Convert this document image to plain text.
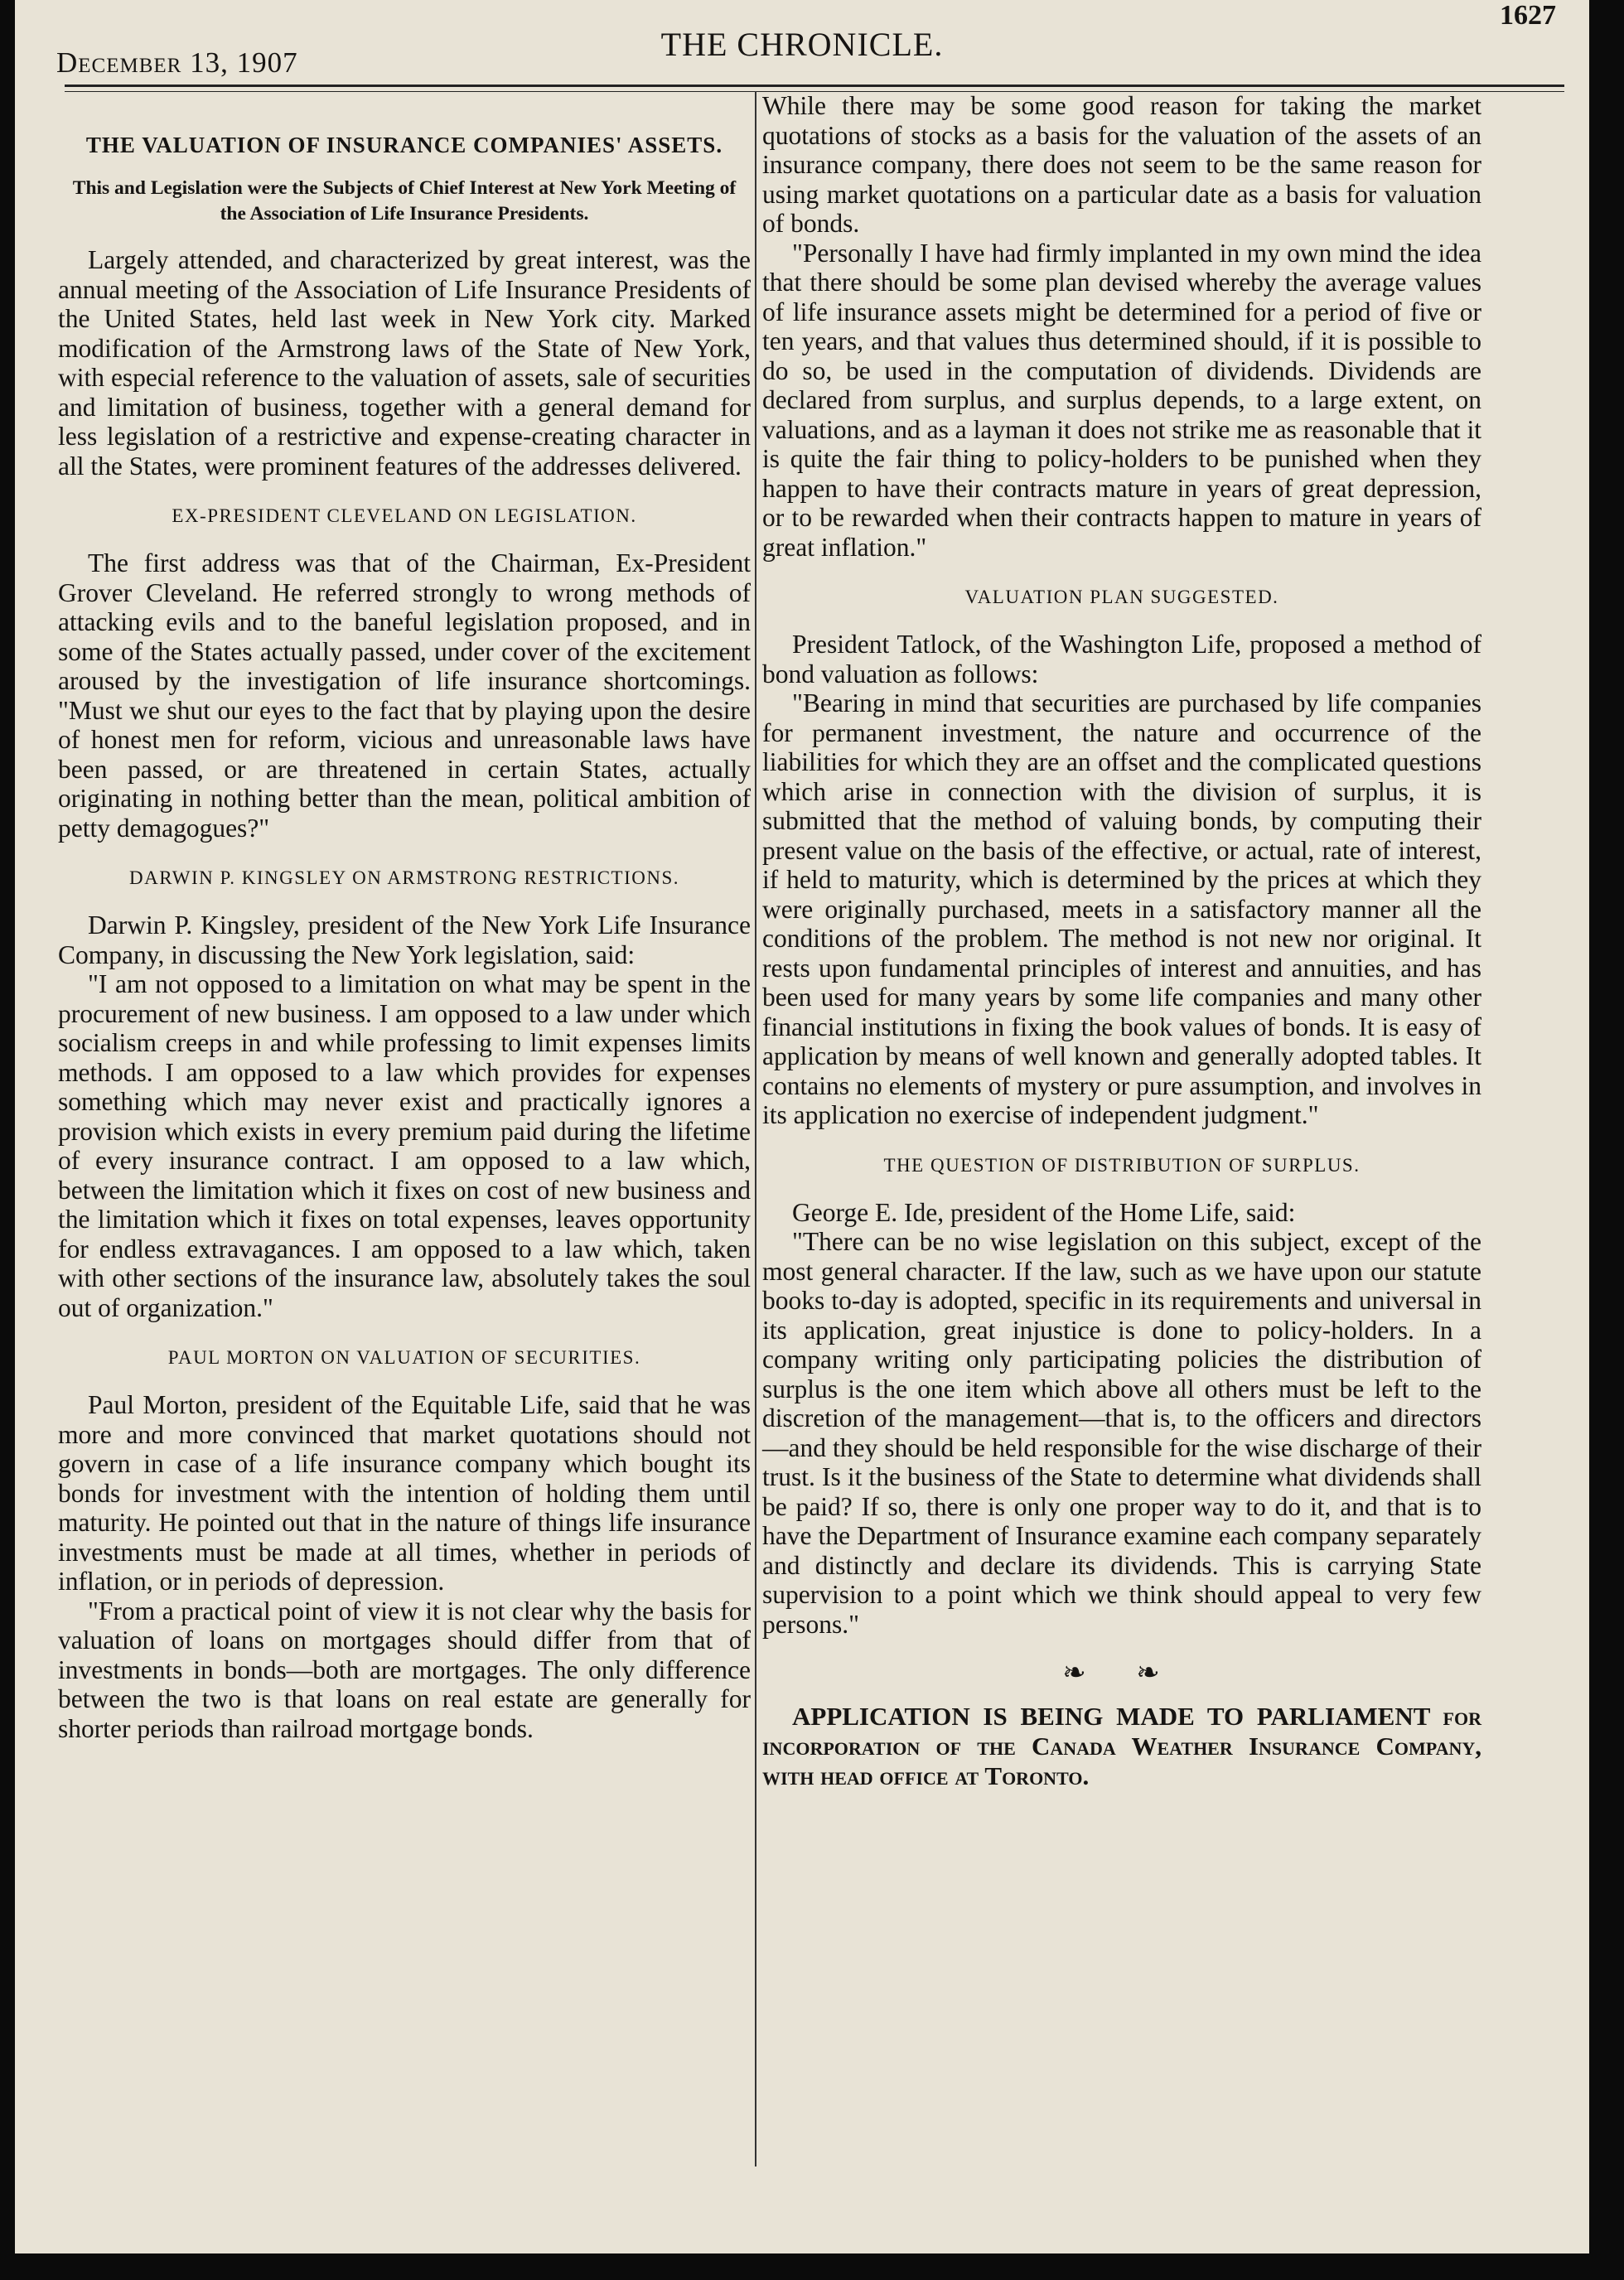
1627
THE CHRONICLE.
December 13, 1907
THE VALUATION OF INSURANCE COMPANIES' ASSETS.
This and Legislation were the Subjects of Chief Interest at New York Meeting of the Association of Life Insurance Presidents.

Largely attended, and characterized by great interest, was the annual meeting of the Association of Life Insurance Presidents of the United States, held last week in New York city. Marked modification of the Armstrong laws of the State of New York, with especial reference to the valuation of assets, sale of securities and limitation of business, together with a general demand for less legislation of a restrictive and expense-creating character in all the States, were prominent features of the addresses delivered.

EX-PRESIDENT CLEVELAND ON LEGISLATION.

The first address was that of the Chairman, Ex-President Grover Cleveland. He referred strongly to wrong methods of attacking evils and to the baneful legislation proposed, and in some of the States actually passed, under cover of the excitement aroused by the investigation of life insurance shortcomings. "Must we shut our eyes to the fact that by playing upon the desire of honest men for reform, vicious and unreasonable laws have been passed, or are threatened in certain States, actually originating in nothing better than the mean, political ambition of petty demagogues?"

DARWIN P. KINGSLEY ON ARMSTRONG RESTRICTIONS.

Darwin P. Kingsley, president of the New York Life Insurance Company, in discussing the New York legislation, said:

"I am not opposed to a limitation on what may be spent in the procurement of new business. I am opposed to a law under which socialism creeps in and while professing to limit expenses limits methods. I am opposed to a law which provides for expenses something which may never exist and practically ignores a provision which exists in every premium paid during the lifetime of every insurance contract. I am opposed to a law which, between the limitation which it fixes on cost of new business and the limitation which it fixes on total expenses, leaves opportunity for endless extravagances. I am opposed to a law which, taken with other sections of the insurance law, absolutely takes the soul out of organization."

PAUL MORTON ON VALUATION OF SECURITIES.

Paul Morton, president of the Equitable Life, said that he was more and more convinced that market quotations should not govern in case of a life insurance company which bought its bonds for investment with the intention of holding them until maturity. He pointed out that in the nature of things life insurance investments must be made at all times, whether in periods of inflation, or in periods of depression.

"From a practical point of view it is not clear why the basis for valuation of loans on mortgages should differ from that of investments in bonds—both are mortgages. The only difference between the two is that loans on real estate are generally for shorter periods than railroad mortgage bonds.

While there may be some good reason for taking the market quotations of stocks as a basis for the valuation of the assets of an insurance company, there does not seem to be the same reason for using market quotations on a particular date as a basis for valuation of bonds.

"Personally I have had firmly implanted in my own mind the idea that there should be some plan devised whereby the average values of life insurance assets might be determined for a period of five or ten years, and that values thus determined should, if it is possible to do so, be used in the computation of dividends. Dividends are declared from surplus, and surplus depends, to a large extent, on valuations, and as a layman it does not strike me as reasonable that it is quite the fair thing to policy-holders to be punished when they happen to have their contracts mature in years of great depression, or to be rewarded when their contracts happen to mature in years of great inflation."

VALUATION PLAN SUGGESTED.

President Tatlock, of the Washington Life, proposed a method of bond valuation as follows:

"Bearing in mind that securities are purchased by life companies for permanent investment, the nature and occurrence of the liabilities for which they are an offset and the complicated questions which arise in connection with the division of surplus, it is submitted that the method of valuing bonds, by computing their present value on the basis of the effective, or actual, rate of interest, if held to maturity, which is determined by the prices at which they were originally purchased, meets in a satisfactory manner all the conditions of the problem. The method is not new nor original. It rests upon fundamental principles of interest and annuities, and has been used for many years by some life companies and many other financial institutions in fixing the book values of bonds. It is easy of application by means of well known and generally adopted tables. It contains no elements of mystery or pure assumption, and involves in its application no exercise of independent judgment."

THE QUESTION OF DISTRIBUTION OF SURPLUS.

George E. Ide, president of the Home Life, said:

"There can be no wise legislation on this subject, except of the most general character. If the law, such as we have upon our statute books to-day is adopted, specific in its requirements and universal in its application, great injustice is done to policy-holders. In a company writing only participating policies the distribution of surplus is the one item which above all others must be left to the discretion of the management—that is, to the officers and directors—and they should be held responsible for the wise discharge of their trust. Is it the business of the State to determine what dividends shall be paid? If so, there is only one proper way to do it, and that is to have the Department of Insurance examine each company separately and distinctly and declare its dividends. This is carrying State supervision to a point which we think should appeal to very few persons."

❧ ❧

APPLICATION IS BEING MADE TO PARLIAMENT for incorporation of the Canada Weather Insurance Company, with head office at Toronto.
